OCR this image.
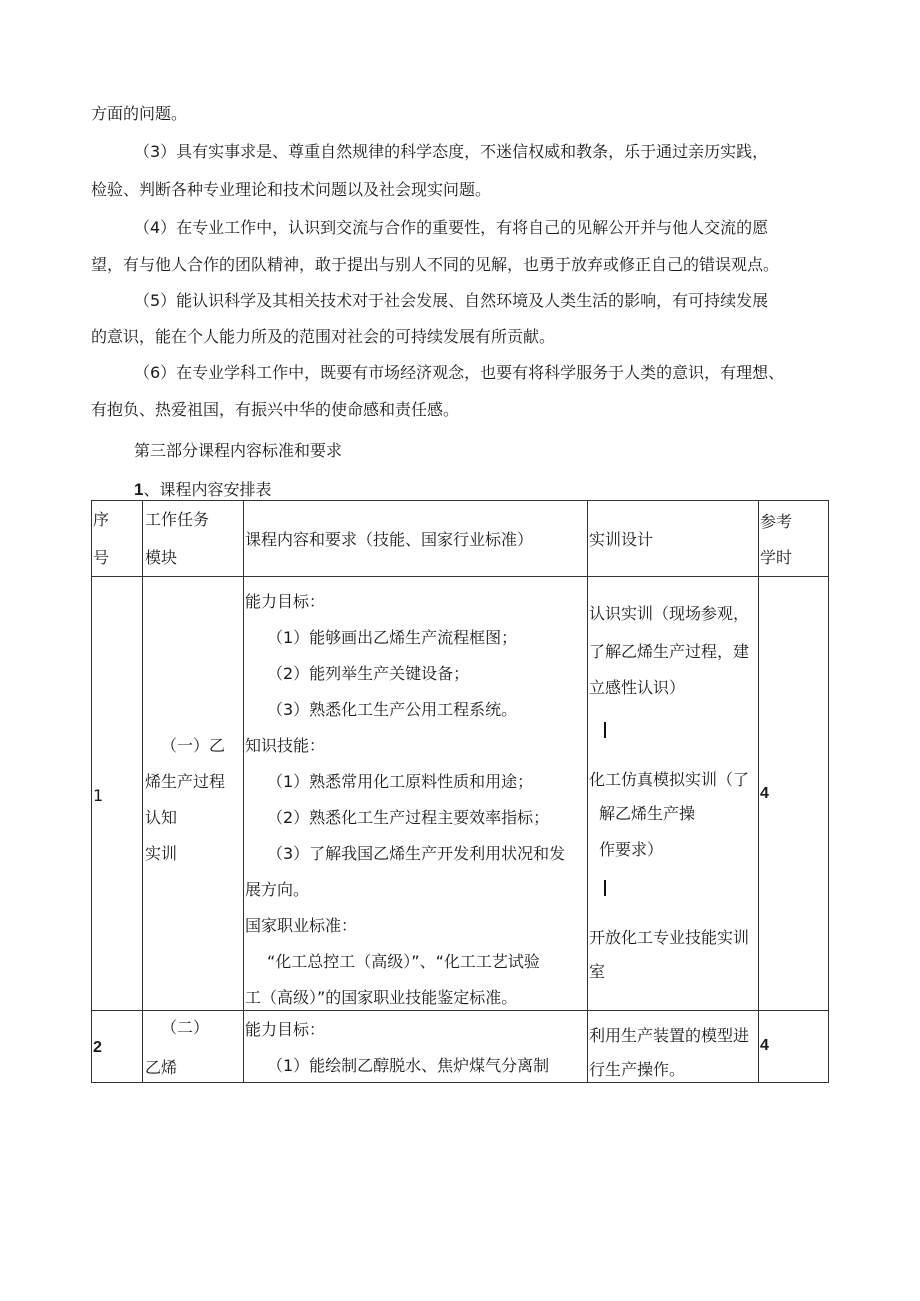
方面的问题。
（3）具有实事求是、尊重自然规律的科学态度，不迷信权威和教条，乐于通过亲历实践，
检验、判断各种专业理论和技术问题以及社会现实问题。
（4）在专业工作中，认识到交流与合作的重要性，有将自己的见解公开并与他人交流的愿
望，有与他人合作的团队精神，敢于提出与别人不同的见解，也勇于放弃或修正自己的错误观点。
（5）能认识科学及其相关技术对于社会发展、自然环境及人类生活的影响，有可持续发展
的意识，能在个人能力所及的范围对社会的可持续发展有所贡献。
（6）在专业学科工作中，既要有市场经济观念，也要有将科学服务于人类的意识，有理想、
有抱负、热爱祖国，有振兴中华的使命感和责任感。
第三部分课程内容标准和要求
1、课程内容安排表
序
号
工作任务
模块
课程内容和要求（技能、国家行业标准）	实训设计
参考
学时
1
（一）乙
烯生产过程
认知
实训
能力目标：
（1）能够画出乙烯生产流程框图；
（2）能列举生产关键设备；
（3）熟悉化工生产公用工程系统。
知识技能：
（1）熟悉常用化工原料性质和用途；
（2）熟悉化工生产过程主要效率指标；
（3）了解我国乙烯生产开发利用状况和发
展方向。
国家职业标准：
“化工总控工（高级）”、“化工工艺试验
工（高级）”的国家职业技能鉴定标准。
认识实训（现场参观，
了解乙烯生产过程，建
立感性认识）
化工仿真模拟实训（了
解乙烯生产操
作要求）
开放化工专业技能实训
室
4
2
（二）
乙烯
能力目标：
（1）能绘制乙醇脱水、焦炉煤气分离制
利用生产装置的模型进
行生产操作。
4
